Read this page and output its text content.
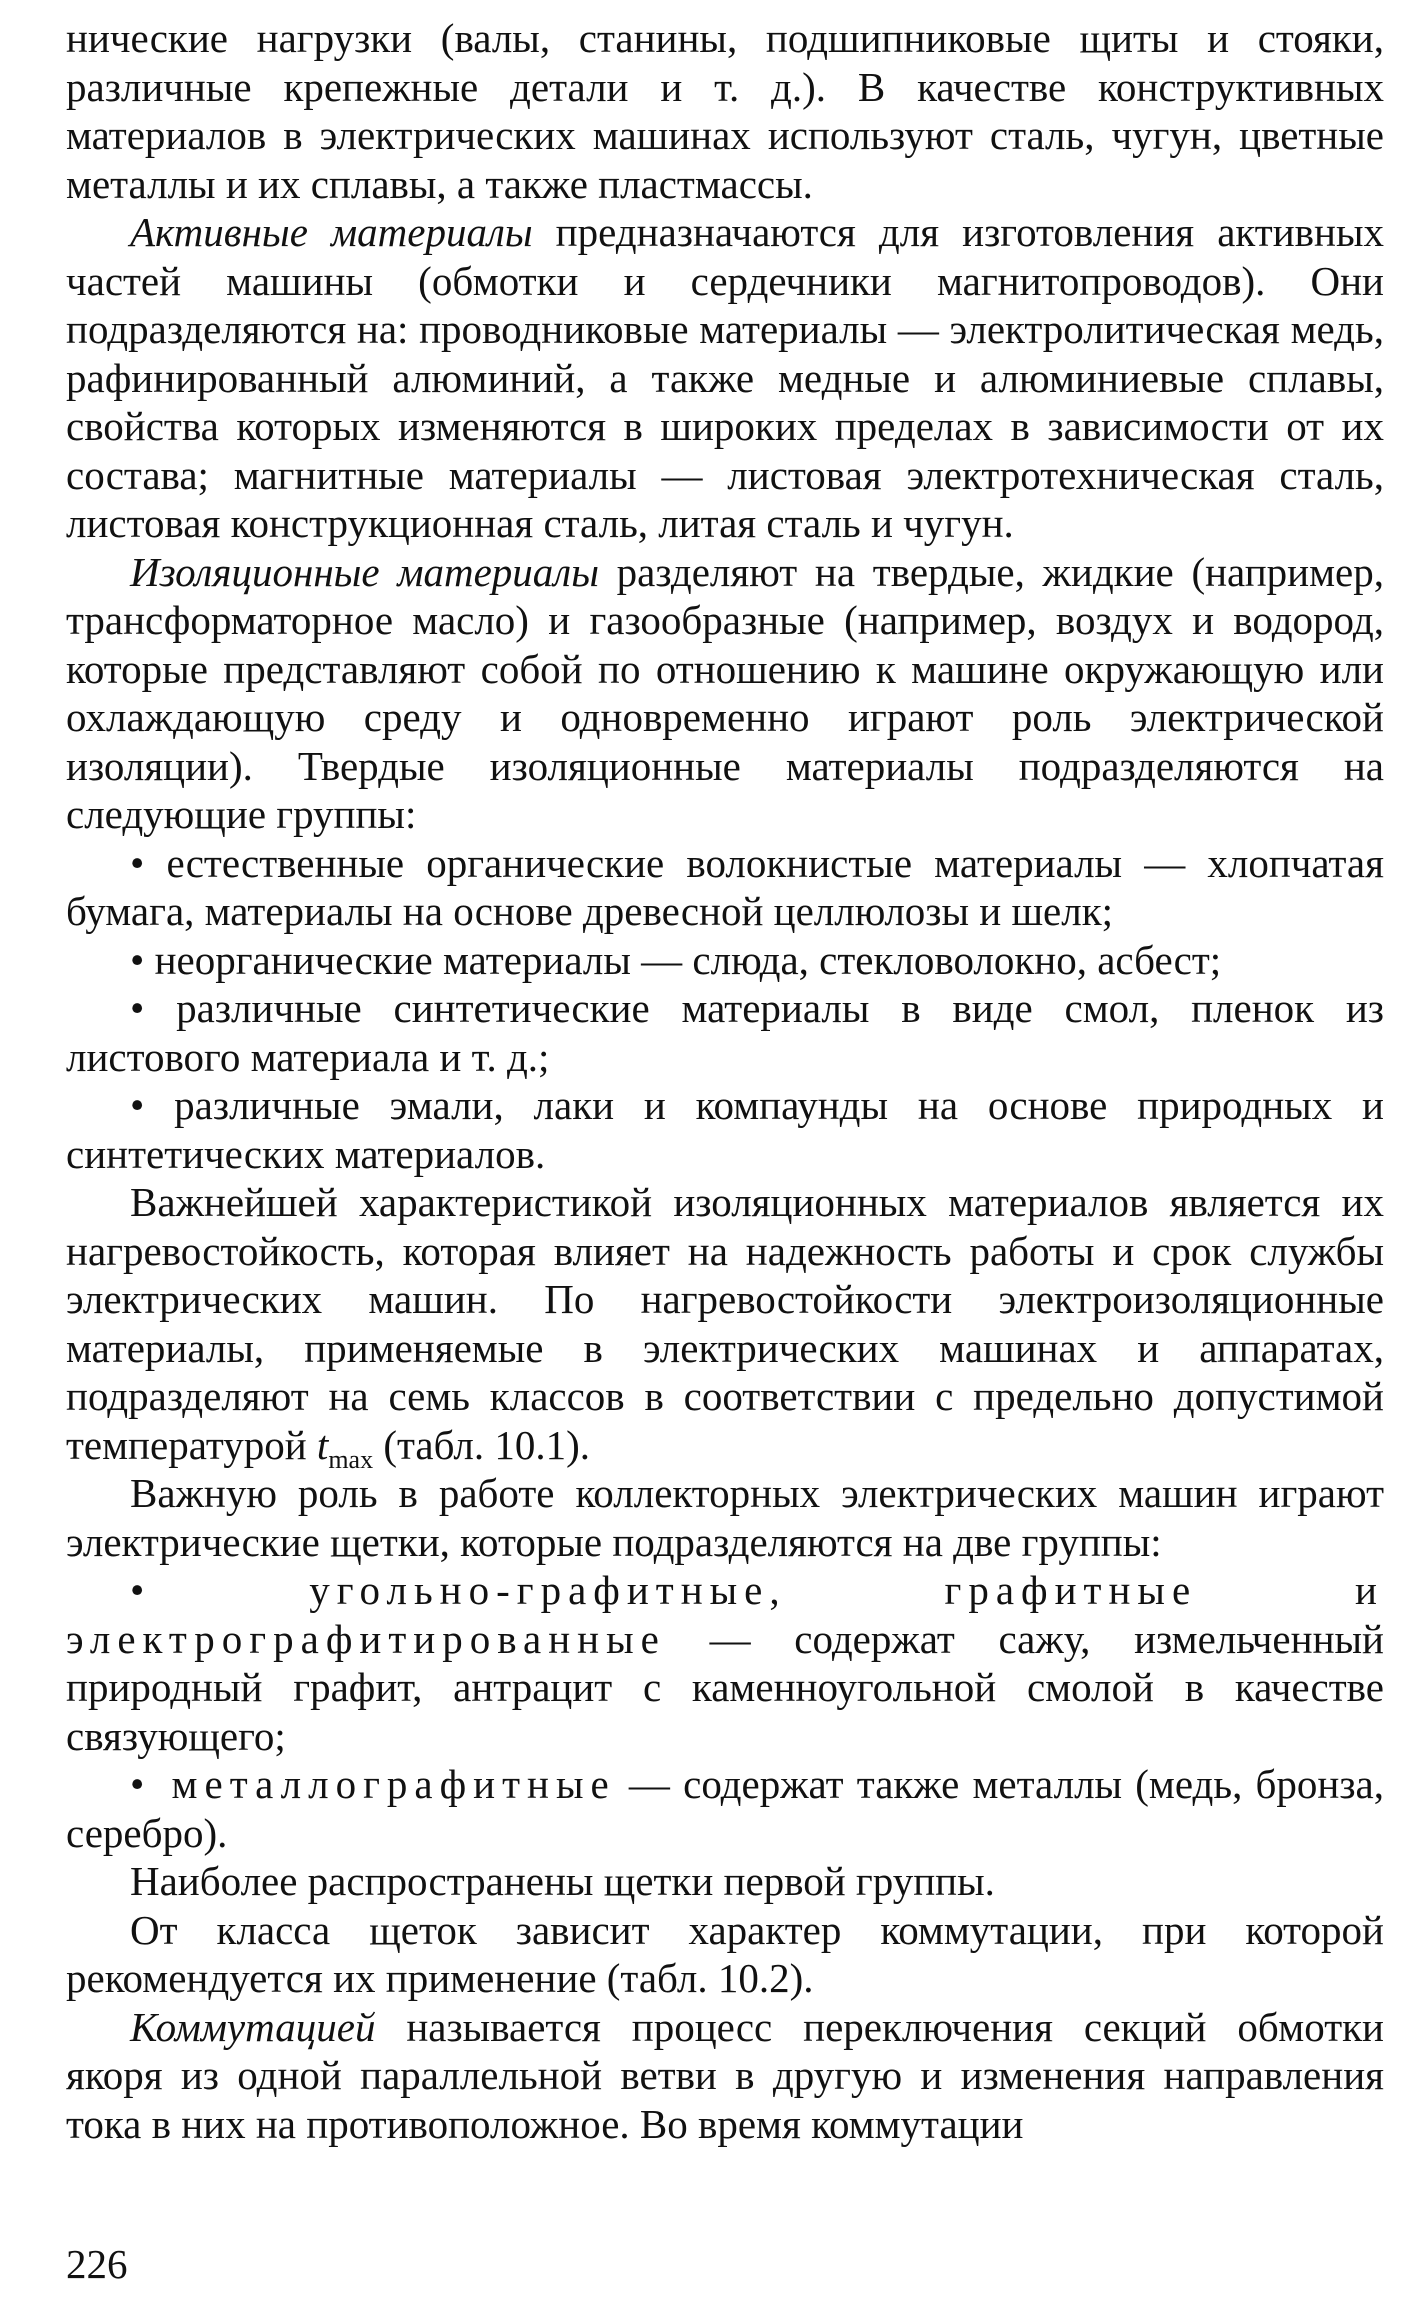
нические нагрузки (валы, станины, подшипниковые щиты и стояки, различные крепежные детали и т. д.). В качестве конструктивных материалов в электрических машинах используют сталь, чугун, цветные металлы и их сплавы, а также пластмассы.

Активные материалы предназначаются для изготовления активных частей машины (обмотки и сердечники магнитопроводов). Они подразделяются на: проводниковые материалы — электролитическая медь, рафинированный алюминий, а также медные и алюминиевые сплавы, свойства которых изменяются в широких пределах в зависимости от их состава; магнитные материалы — листовая электротехническая сталь, листовая конструкционная сталь, литая сталь и чугун.

Изоляционные материалы разделяют на твердые, жидкие (например, трансформаторное масло) и газообразные (например, воздух и водород, которые представляют собой по отношению к машине окружающую или охлаждающую среду и одновременно играют роль электрической изоляции). Твердые изоляционные материалы подразделяются на следующие группы:

• естественные органические волокнистые материалы — хлопчатая бумага, материалы на основе древесной целлюлозы и шелк;

• неорганические материалы — слюда, стекловолокно, асбест;

• различные синтетические материалы в виде смол, пленок из листового материала и т. д.;

• различные эмали, лаки и компаунды на основе природных и синтетических материалов.

Важнейшей характеристикой изоляционных материалов является их нагревостойкость, которая влияет на надежность работы и срок службы электрических машин. По нагревостойкости электроизоляционные материалы, применяемые в электрических машинах и аппаратах, подразделяют на семь классов в соответствии с предельно допустимой температурой $t_{max}$ (табл. 10.1).

Важную роль в работе коллекторных электрических машин играют электрические щетки, которые подразделяются на две группы:

• угольно-графитные, графитные и электрографитированные — содержат сажу, измельченный природный графит, антрацит с каменноугольной смолой в качестве связующего;

• металлографитные — содержат также металлы (медь, бронза, серебро).

Наиболее распространены щетки первой группы.

От класса щеток зависит характер коммутации, при которой рекомендуется их применение (табл. 10.2).

Коммутацией называется процесс переключения секций обмотки якоря из одной параллельной ветви в другую и изменения направления тока в них на противоположное. Во время коммутации

226
